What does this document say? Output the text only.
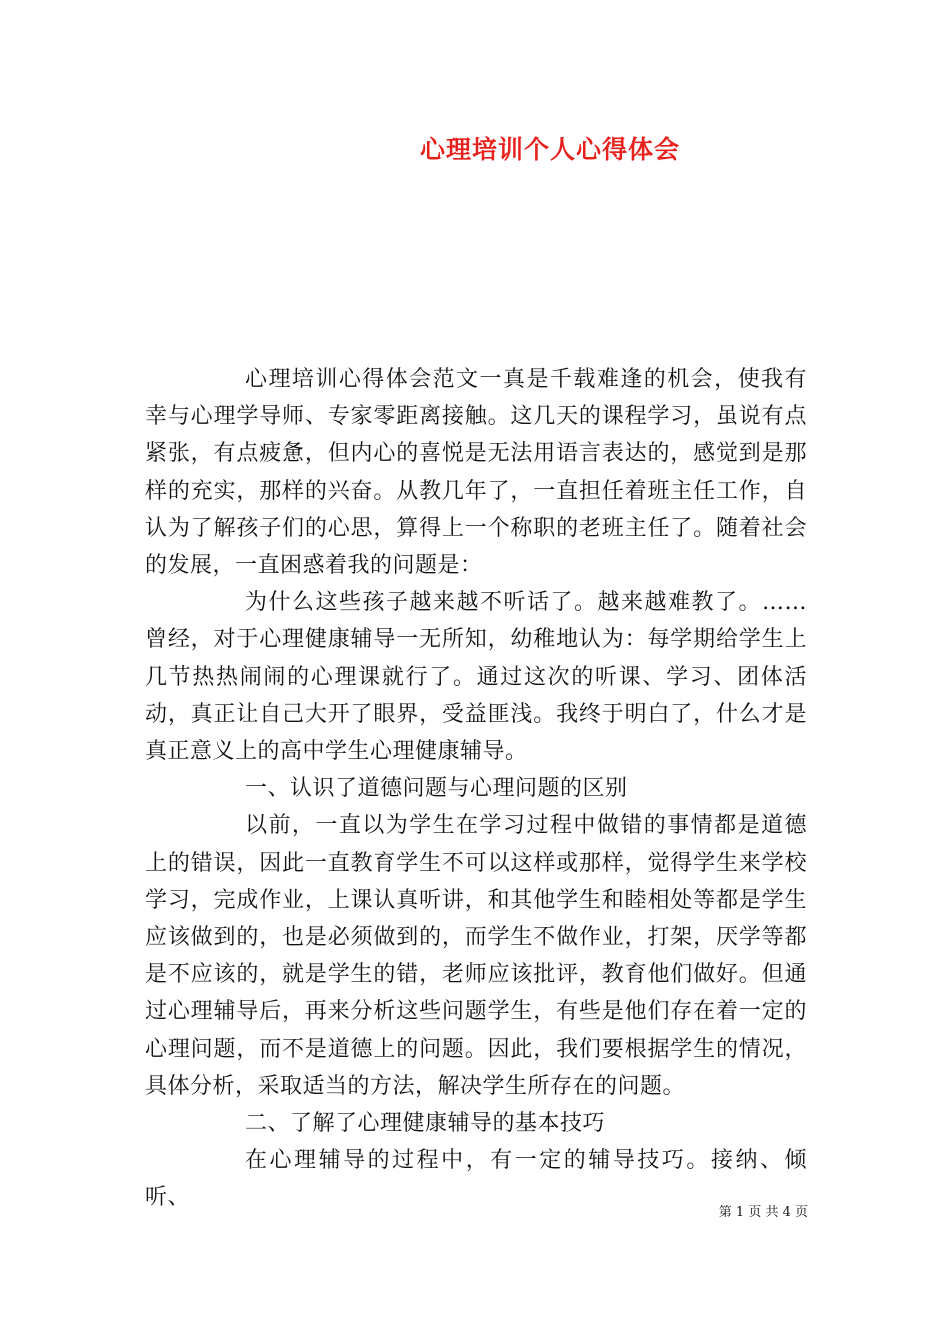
心理培训个人心得体会

心理培训心得体会范文一真是千载难逢的机会，使我有幸与心理学导师、专家零距离接触。这几天的课程学习，虽说有点紧张，有点疲惫，但内心的喜悦是无法用语言表达的，感觉到是那样的充实，那样的兴奋。从教几年了，一直担任着班主任工作，自认为了解孩子们的心思，算得上一个称职的老班主任了。随着社会的发展，一直困惑着我的问题是：

为什么这些孩子越来越不听话了。越来越难教了。……曾经，对于心理健康辅导一无所知，幼稚地认为：每学期给学生上几节热热闹闹的心理课就行了。通过这次的听课、学习、团体活动，真正让自己大开了眼界，受益匪浅。我终于明白了，什么才是真正意义上的高中学生心理健康辅导。

一、认识了道德问题与心理问题的区别

以前，一直以为学生在学习过程中做错的事情都是道德上的错误，因此一直教育学生不可以这样或那样，觉得学生来学校学习，完成作业，上课认真听讲，和其他学生和睦相处等都是学生应该做到的，也是必须做到的，而学生不做作业，打架，厌学等都是不应该的，就是学生的错，老师应该批评，教育他们做好。但通过心理辅导后，再来分析这些问题学生，有些是他们存在着一定的心理问题，而不是道德上的问题。因此，我们要根据学生的情况，具体分析，采取适当的方法，解决学生所存在的问题。

二、了解了心理健康辅导的基本技巧

在心理辅导的过程中，有一定的辅导技巧。接纳、倾听、

第 1 页 共 4 页
